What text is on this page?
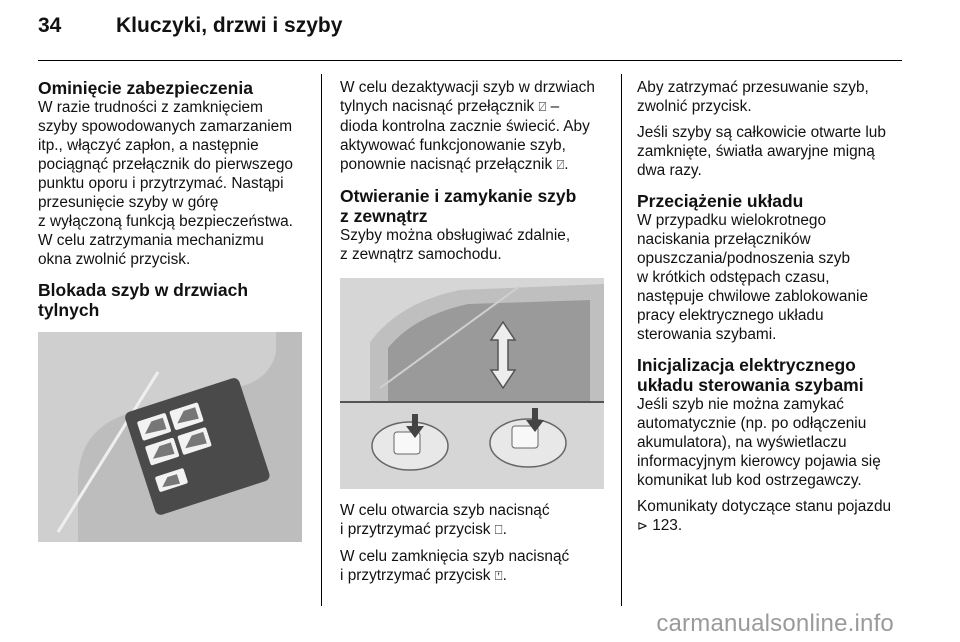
34	Kluczyki, drzwi i szyby
Ominięcie zabezpieczenia

W razie trudności z zamknięciem
szyby spowodowanych zamarzaniem
itp., włączyć zapłon, a następnie
pociągnąć przełącznik do pierwszego
punktu oporu i przytrzymać. Nastąpi
przesunięcie szyby w górę
z wyłączoną funkcją bezpieczeństwa.
W celu zatrzymania mechanizmu
okna zwolnić przycisk.

Blokada szyb w drzwiach
tylnych

W celu dezaktywacji szyb w drzwiach
tylnych nacisnąć przełącznik ⍁ –
dioda kontrolna zacznie świecić. Aby
aktywować funkcjonowanie szyb,
ponownie nacisnąć przełącznik ⍁.

Otwieranie i zamykanie szyb
z zewnątrz

Szyby można obsługiwać zdalnie,
z zewnątrz samochodu.

W celu otwarcia szyb nacisnąć
i przytrzymać przycisk ⎕.

W celu zamknięcia szyb nacisnąć
i przytrzymać przycisk ⍞.

Aby zatrzymać przesuwanie szyb,
zwolnić przycisk.

Jeśli szyby są całkowicie otwarte lub
zamknięte, światła awaryjne migną
dwa razy.

Przeciążenie układu

W przypadku wielokrotnego
naciskania przełączników
opuszczania/podnoszenia szyb
w krótkich odstępach czasu,
następuje chwilowe zablokowanie
pracy elektrycznego układu
sterowania szybami.

Inicjalizacja elektrycznego
układu sterowania szybami

Jeśli szyb nie można zamykać
automatycznie (np. po odłączeniu
akumulatora), na wyświetlaczu
informacyjnym kierowcy pojawia się
komunikat lub kod ostrzegawczy.

Komunikaty dotyczące stanu pojazdu
⊳ 123.

carmanualsonline.info
